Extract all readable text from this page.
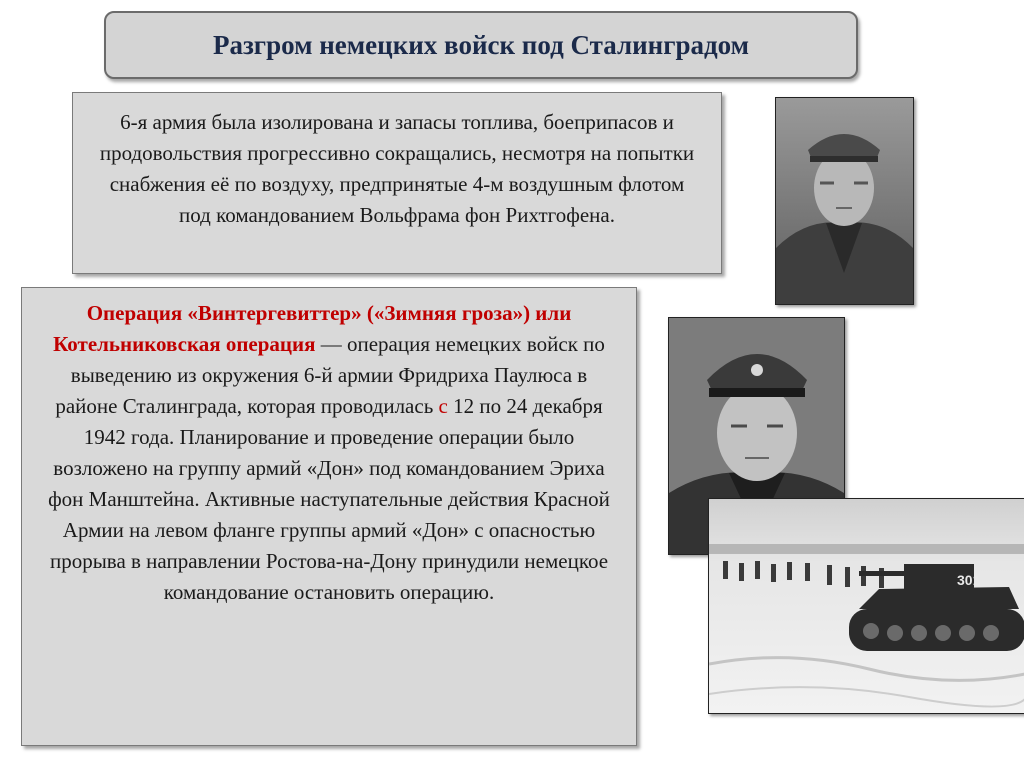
Разгром немецких войск под Сталинградом
6-я армия была изолирована и запасы топлива, боеприпасов и продовольствия прогрессивно сокращались, несмотря на попытки снабжения её по воздуху, предпринятые 4-м воздушным флотом под командованием Вольфрама фон Рихтгофена.
Операция «Винтергевиттер» («Зимняя гроза») или Котельниковская операция — операция немецких войск по выведению из окружения 6-й армии Фридриха Паулюса в районе Сталинграда, которая проводилась с 12 по 24 декабря 1942 года. Планирование и проведение операции было возложено на группу армий «Дон» под командованием Эриха фон Манштейна. Активные наступательные действия Красной Армии на левом фланге группы армий «Дон» с опасностью прорыва в направлении Ростова-на-Дону принудили немецкое командование остановить операцию.	301
